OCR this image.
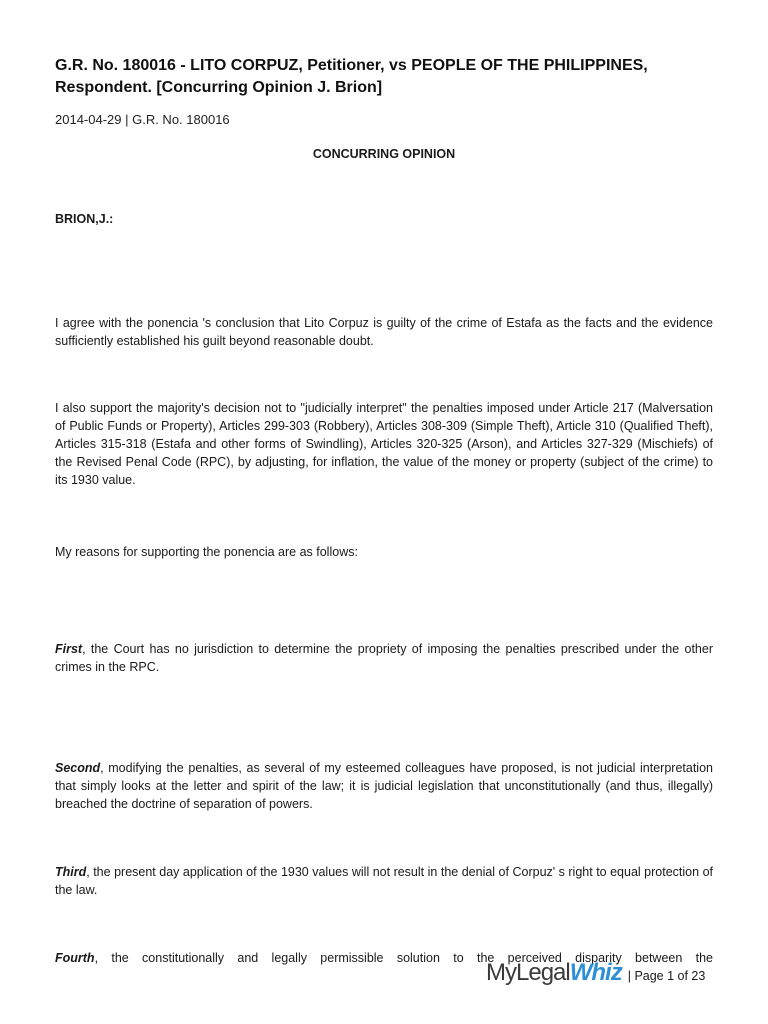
G.R. No. 180016 - LITO CORPUZ, Petitioner, vs PEOPLE OF THE PHILIPPINES, Respondent. [Concurring Opinion J. Brion]
2014-04-29 | G.R. No. 180016
CONCURRING OPINION
BRION,J.:

I agree with the ponencia 's conclusion that Lito Corpuz is guilty of the crime of Estafa as the facts and the evidence sufficiently established his guilt beyond reasonable doubt.

I also support the majority's decision not to "judicially interpret" the penalties imposed under Article 217 (Malversation of Public Funds or Property), Articles 299-303 (Robbery), Articles 308-309 (Simple Theft), Article 310 (Qualified Theft), Articles 315-318 (Estafa and other forms of Swindling), Articles 320-325 (Arson), and Articles 327-329 (Mischiefs) of the Revised Penal Code (RPC), by adjusting, for inflation, the value of the money or property (subject of the crime) to its 1930 value.

My reasons for supporting the ponencia are as follows:

First, the Court has no jurisdiction to determine the propriety of imposing the penalties prescribed under the other crimes in the RPC.

Second, modifying the penalties, as several of my esteemed colleagues have proposed, is not judicial interpretation that simply looks at the letter and spirit of the law; it is judicial legislation that unconstitutionally (and thus, illegally) breached the doctrine of separation of powers.

Third, the present day application of the 1930 values will not result in the denial of Corpuz' s right to equal protection of the law.

Fourth, the constitutionally and legally permissible solution to the perceived disparity between the

My Legal Whiz | Page 1 of 23
